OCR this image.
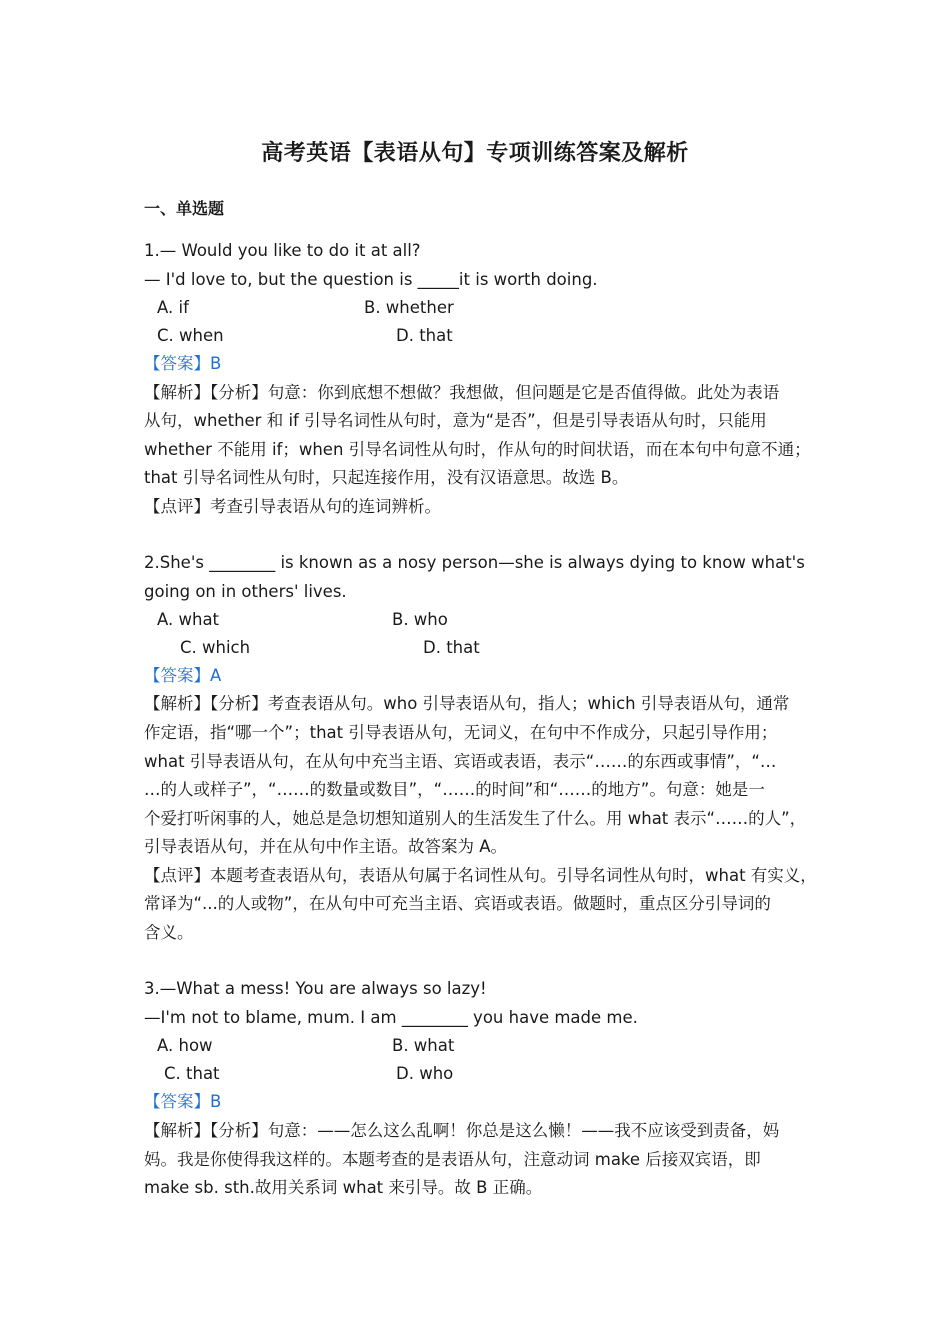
高考英语【表语从句】专项训练答案及解析
一、单选题
1.— Would you like to do it at all?
— I'd love to, but the question is _____it is worth doing.
A. if	B. whether
C. when	D. that
【答案】B
【解析】【分析】句意：你到底想不想做？我想做，但问题是它是否值得做。此处为表语
从句，whether 和 if 引导名词性从句时，意为“是否”，但是引导表语从句时，只能用
whether 不能用 if；when 引导名词性从句时，作从句的时间状语，而在本句中句意不通；
that 引导名词性从句时，只起连接作用，没有汉语意思。故选 B。
【点评】考查引导表语从句的连词辨析。
2.She's ________ is known as a nosy person—she is always dying to know what's
going on in others' lives.
A. what	B. who
C. which	D. that
【答案】A
【解析】【分析】考查表语从句。who 引导表语从句，指人；which 引导表语从句，通常
作定语，指“哪一个”；that 引导表语从句，无词义，在句中不作成分，只起引导作用；
what 引导表语从句，在从句中充当主语、宾语或表语，表示“……的东西或事情”，“…
…的人或样子”，“……的数量或数目”，“……的时间”和“……的地方”。句意：她是一
个爱打听闲事的人，她总是急切想知道别人的生活发生了什么。用 what 表示“……的人”，
引导表语从句，并在从句中作主语。故答案为 A。
【点评】本题考查表语从句，表语从句属于名词性从句。引导名词性从句时，what 有实义，
常译为“...的人或物”，在从句中可充当主语、宾语或表语。做题时，重点区分引导词的
含义。
3.—What a mess! You are always so lazy!
—I'm not to blame, mum. I am ________ you have made me.
A. how	B. what
C. that	D. who
【答案】B
【解析】【分析】句意：——怎么这么乱啊！你总是这么懒！——我不应该受到责备，妈
妈。我是你使得我这样的。本题考查的是表语从句，注意动词 make 后接双宾语，即
make sb. sth.故用关系词 what 来引导。故 B 正确。
